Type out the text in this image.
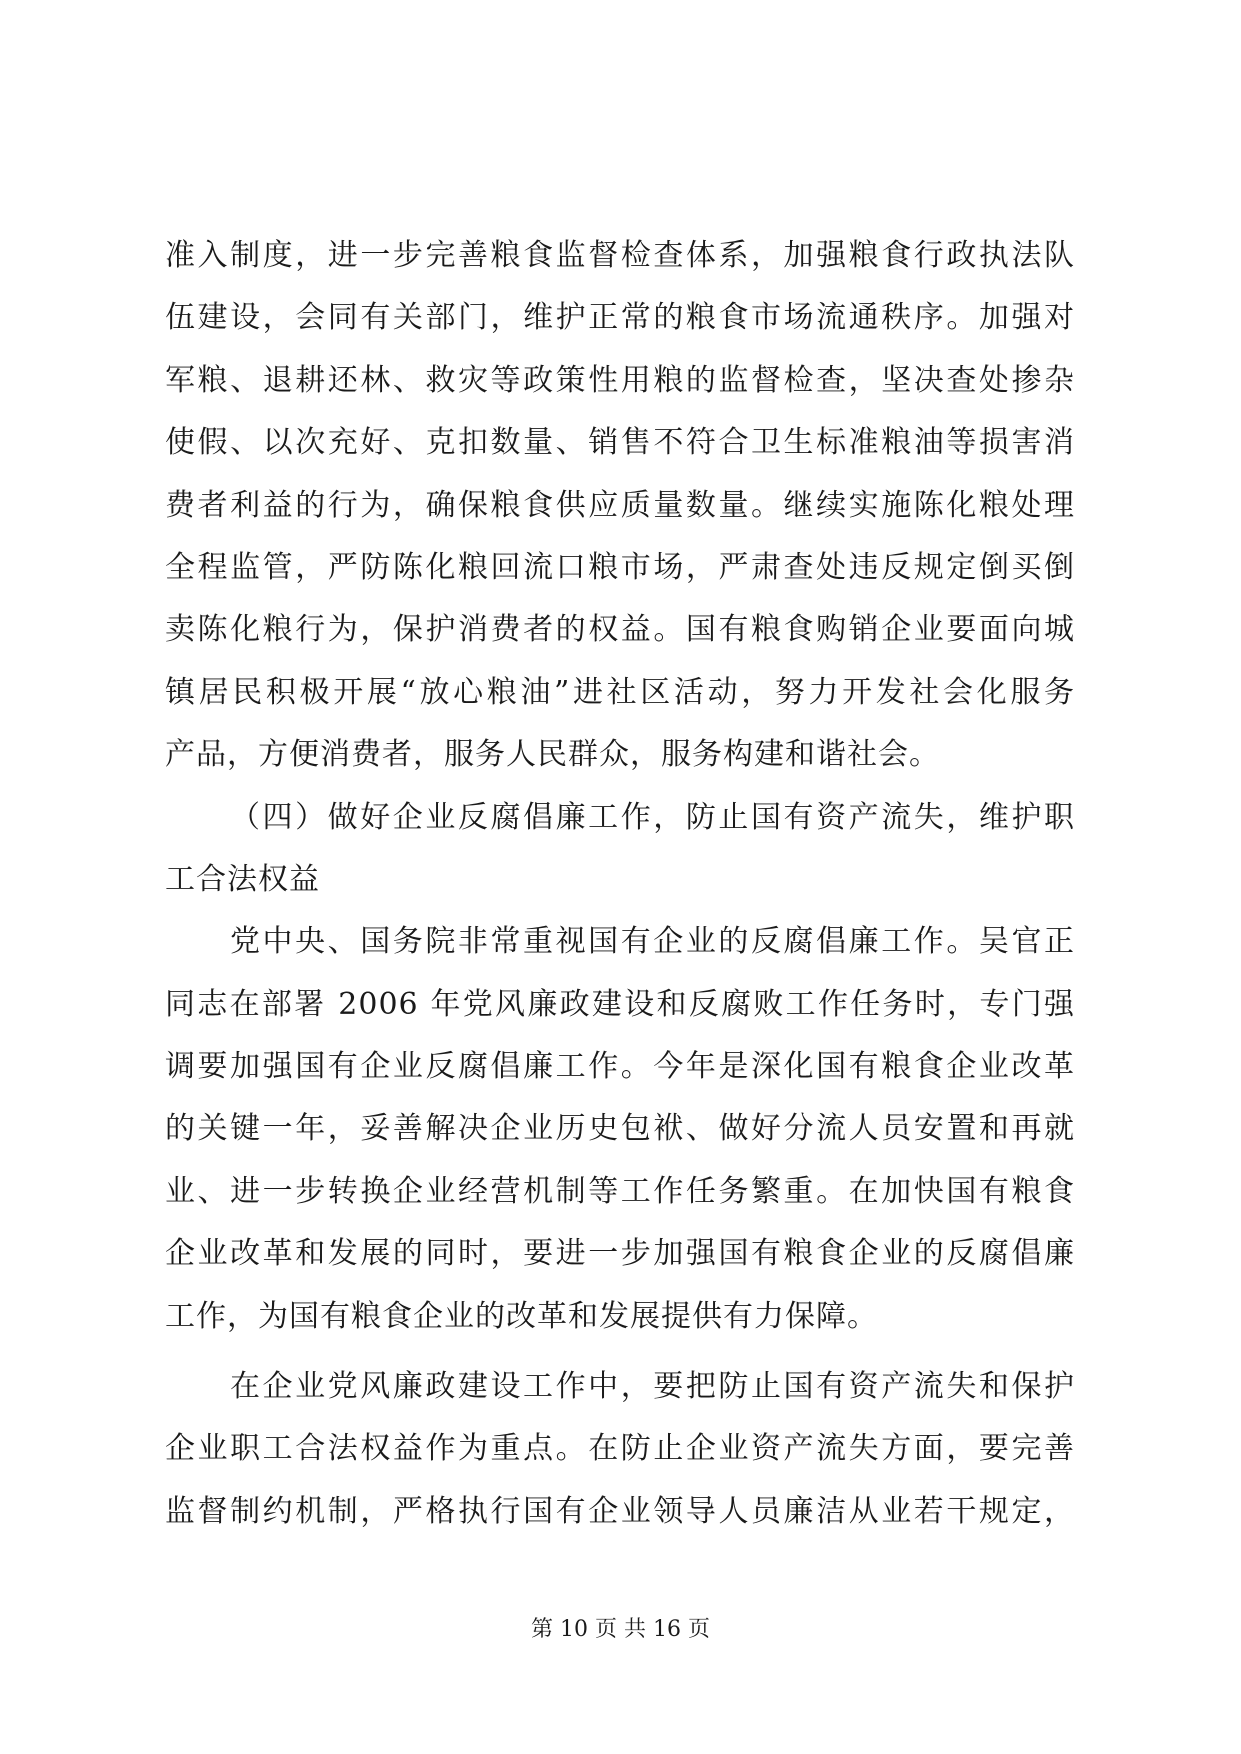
准入制度，进一步完善粮食监督检查体系，加强粮食行政执法队
伍建设，会同有关部门，维护正常的粮食市场流通秩序。加强对
军粮、退耕还林、救灾等政策性用粮的监督检查，坚决查处掺杂
使假、以次充好、克扣数量、销售不符合卫生标准粮油等损害消
费者利益的行为，确保粮食供应质量数量。继续实施陈化粮处理
全程监管，严防陈化粮回流口粮市场，严肃查处违反规定倒买倒
卖陈化粮行为，保护消费者的权益。国有粮食购销企业要面向城
镇居民积极开展“放心粮油”进社区活动，努力开发社会化服务
产品，方便消费者，服务人民群众，服务构建和谐社会。
（四）做好企业反腐倡廉工作，防止国有资产流失，维护职
工合法权益
党中央、国务院非常重视国有企业的反腐倡廉工作。吴官正
同志在部署 2006 年党风廉政建设和反腐败工作任务时，专门强
调要加强国有企业反腐倡廉工作。今年是深化国有粮食企业改革
的关键一年，妥善解决企业历史包袱、做好分流人员安置和再就
业、进一步转换企业经营机制等工作任务繁重。在加快国有粮食
企业改革和发展的同时，要进一步加强国有粮食企业的反腐倡廉
工作，为国有粮食企业的改革和发展提供有力保障。
在企业党风廉政建设工作中，要把防止国有资产流失和保护
企业职工合法权益作为重点。在防止企业资产流失方面，要完善
监督制约机制，严格执行国有企业领导人员廉洁从业若干规定，
第 10 页 共 16 页
